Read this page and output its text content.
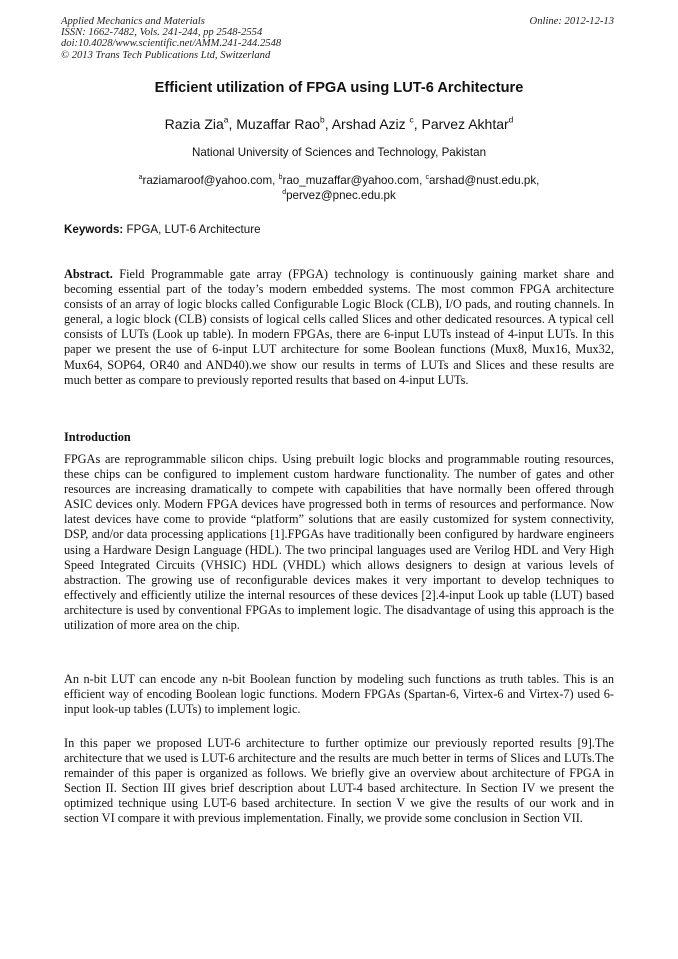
Applied Mechanics and Materials
ISSN: 1662-7482, Vols. 241-244, pp 2548-2554
doi:10.4028/www.scientific.net/AMM.241-244.2548
© 2013 Trans Tech Publications Ltd, Switzerland
Online: 2012-12-13
Efficient utilization of FPGA using LUT-6 Architecture
Razia Zia$^a$, Muzaffar Rao$^b$, Arshad Aziz $^c$, Parvez Akhtar$^d$
National University of Sciences and Technology, Pakistan
$^a$raziamaroof@yahoo.com, $^b$rao_muzaffar@yahoo.com, $^c$arshad@nust.edu.pk,
$^d$pervez@pnec.edu.pk
Keywords: FPGA, LUT-6 Architecture
Abstract. Field Programmable gate array (FPGA) technology is continuously gaining market share and becoming essential part of the today’s modern embedded systems. The most common FPGA architecture consists of an array of logic blocks called Configurable Logic Block (CLB), I/O pads, and routing channels. In general, a logic block (CLB) consists of logical cells called Slices and other dedicated resources. A typical cell consists of LUTs (Look up table). In modern FPGAs, there are 6-input LUTs instead of 4-input LUTs. In this paper we present the use of 6-input LUT architecture for some Boolean functions (Mux8, Mux16, Mux32, Mux64, SOP64, OR40 and AND40).we show our results in terms of LUTs and Slices and these results are much better as compare to previously reported results that based on 4-input LUTs.
Introduction
FPGAs are reprogrammable silicon chips. Using prebuilt logic blocks and programmable routing resources, these chips can be configured to implement custom hardware functionality. The number of gates and other resources are increasing dramatically to compete with capabilities that have normally been offered through ASIC devices only. Modern FPGA devices have progressed both in terms of resources and performance. Now latest devices have come to provide “platform” solutions that are easily customized for system connectivity, DSP, and/or data processing applications [1].FPGAs have traditionally been configured by hardware engineers using a Hardware Design Language (HDL). The two principal languages used are Verilog HDL and Very High Speed Integrated Circuits (VHSIC) HDL (VHDL) which allows designers to design at various levels of abstraction. The growing use of reconfigurable devices makes it very important to develop techniques to effectively and efficiently utilize the internal resources of these devices [2].4-input Look up table (LUT) based architecture is used by conventional FPGAs to implement logic. The disadvantage of using this approach is the utilization of more area on the chip.
An n-bit LUT can encode any n-bit Boolean function by modeling such functions as truth tables. This is an efficient way of encoding Boolean logic functions. Modern FPGAs (Spartan-6, Virtex-6 and Virtex-7) used 6-input look-up tables (LUTs) to implement logic.
In this paper we proposed LUT-6 architecture to further optimize our previously reported results [9].The architecture that we used is LUT-6 architecture and the results are much better in terms of Slices and LUTs.The remainder of this paper is organized as follows. We briefly give an overview about architecture of FPGA in Section II. Section III gives brief description about LUT-4 based architecture. In Section IV we present the optimized technique using LUT-6 based architecture. In section V we give the results of our work and in section VI compare it with previous implementation. Finally, we provide some conclusion in Section VII.
